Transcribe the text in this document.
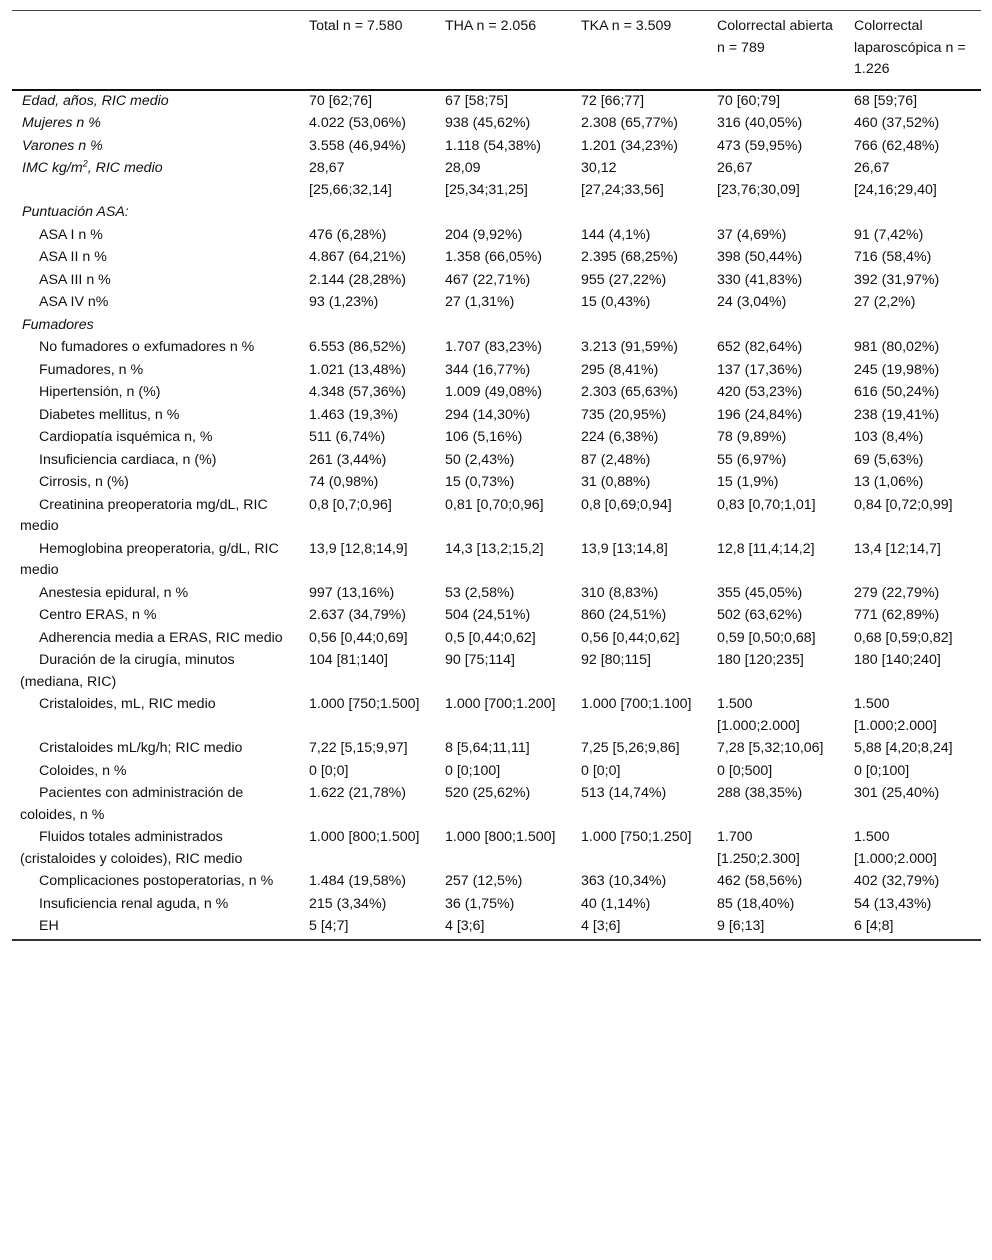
	Total n = 7.580	THA n = 2.056	TKA n = 3.509	Colorrectal abierta n = 789	Colorrectal laparoscópica n = 1.226
Edad, años, RIC medio	70 [62;76]	67 [58;75]	72 [66;77]	70 [60;79]	68 [59;76]
Mujeres n %	4.022 (53,06%)	938 (45,62%)	2.308 (65,77%)	316 (40,05%)	460 (37,52%)
Varones n %	3.558 (46,94%)	1.118 (54,38%)	1.201 (34,23%)	473 (59,95%)	766 (62,48%)
IMC $kg/m^2$, RIC medio	28,67 [25,66;32,14]	28,09 [25,34;31,25]	30,12 [27,24;33,56]	26,67 [23,76;30,09]	26,67 [24,16;29,40]
Puntuación ASA:					
ASA I n %	476 (6,28%)	204 (9,92%)	144 (4,1%)	37 (4,69%)	91 (7,42%)
ASA II n %	4.867 (64,21%)	1.358 (66,05%)	2.395 (68,25%)	398 (50,44%)	716 (58,4%)
ASA III n %	2.144 (28,28%)	467 (22,71%)	955 (27,22%)	330 (41,83%)	392 (31,97%)
ASA IV n%	93 (1,23%)	27 (1,31%)	15 (0,43%)	24 (3,04%)	27 (2,2%)
Fumadores					
No fumadores o exfumadores n %	6.553 (86,52%)	1.707 (83,23%)	3.213 (91,59%)	652 (82,64%)	981 (80,02%)
Fumadores, n %	1.021 (13,48%)	344 (16,77%)	295 (8,41%)	137 (17,36%)	245 (19,98%)
Hipertensión, n (%)	4.348 (57,36%)	1.009 (49,08%)	2.303 (65,63%)	420 (53,23%)	616 (50,24%)
Diabetes mellitus, n %	1.463 (19,3%)	294 (14,30%)	735 (20,95%)	196 (24,84%)	238 (19,41%)
Cardiopatía isquémica n, %	511 (6,74%)	106 (5,16%)	224 (6,38%)	78 (9,89%)	103 (8,4%)
Insuficiencia cardiaca, n (%)	261 (3,44%)	50 (2,43%)	87 (2,48%)	55 (6,97%)	69 (5,63%)
Cirrosis, n (%)	74 (0,98%)	15 (0,73%)	31 (0,88%)	15 (1,9%)	13 (1,06%)
Creatinina preoperatoria mg/dL, RIC medio	0,8 [0,7;0,96]	0,81 [0,70;0,96]	0,8 [0,69;0,94]	0,83 [0,70;1,01]	0,84 [0,72;0,99]
Hemoglobina preoperatoria, g/dL, RIC medio	13,9 [12,8;14,9]	14,3 [13,2;15,2]	13,9 [13;14,8]	12,8 [11,4;14,2]	13,4 [12;14,7]
Anestesia epidural, n %	997 (13,16%)	53 (2,58%)	310 (8,83%)	355 (45,05%)	279 (22,79%)
Centro ERAS, n %	2.637 (34,79%)	504 (24,51%)	860 (24,51%)	502 (63,62%)	771 (62,89%)
Adherencia media a ERAS, RIC medio	0,56 [0,44;0,69]	0,5 [0,44;0,62]	0,56 [0,44;0,62]	0,59 [0,50;0,68]	0,68 [0,59;0,82]
Duración de la cirugía, minutos (mediana, RIC)	104 [81;140]	90 [75;114]	92 [80;115]	180 [120;235]	180 [140;240]
Cristaloides, mL, RIC medio	1.000 [750;1.500]	1.000 [700;1.200]	1.000 [700;1.100]	1.500 [1.000;2.000]	1.500 [1.000;2.000]
Cristaloides mL/kg/h; RIC medio	7,22 [5,15;9,97]	8 [5,64;11,11]	7,25 [5,26;9,86]	7,28 [5,32;10,06]	5,88 [4,20;8,24]
Coloides, n %	0 [0;0]	0 [0;100]	0 [0;0]	0 [0;500]	0 [0;100]
Pacientes con administración de coloides, n %	1.622 (21,78%)	520 (25,62%)	513 (14,74%)	288 (38,35%)	301 (25,40%)
Fluidos totales administrados (cristaloides y coloides), RIC medio	1.000 [800;1.500]	1.000 [800;1.500]	1.000 [750;1.250]	1.700 [1.250;2.300]	1.500 [1.000;2.000]
Complicaciones postoperatorias, n %	1.484 (19,58%)	257 (12,5%)	363 (10,34%)	462 (58,56%)	402 (32,79%)
Insuficiencia renal aguda, n %	215 (3,34%)	36 (1,75%)	40 (1,14%)	85 (18,40%)	54 (13,43%)
EH	5 [4;7]	4 [3;6]	4 [3;6]	9 [6;13]	6 [4;8]
